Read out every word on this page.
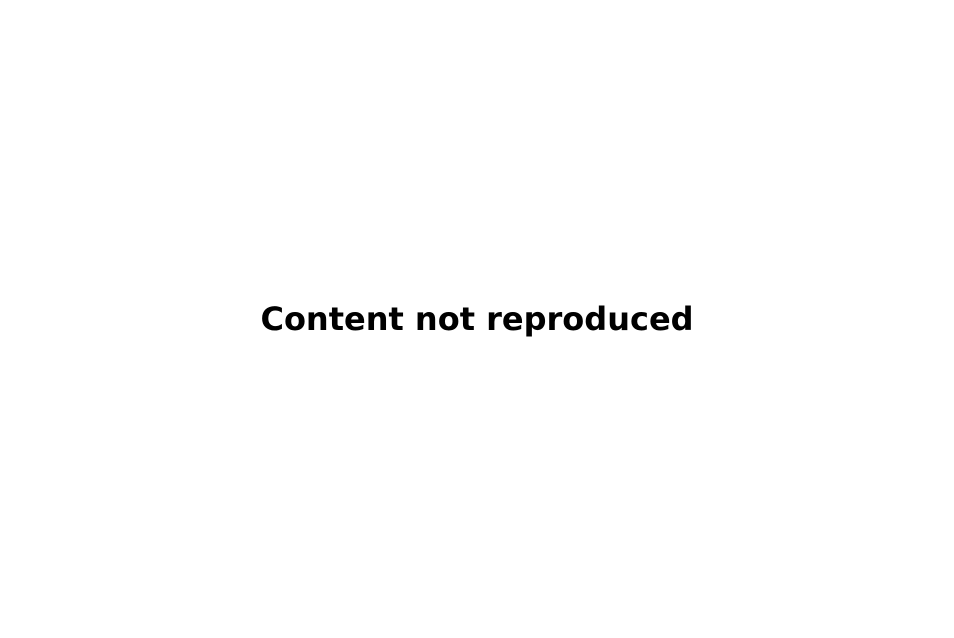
Content not reproduced
